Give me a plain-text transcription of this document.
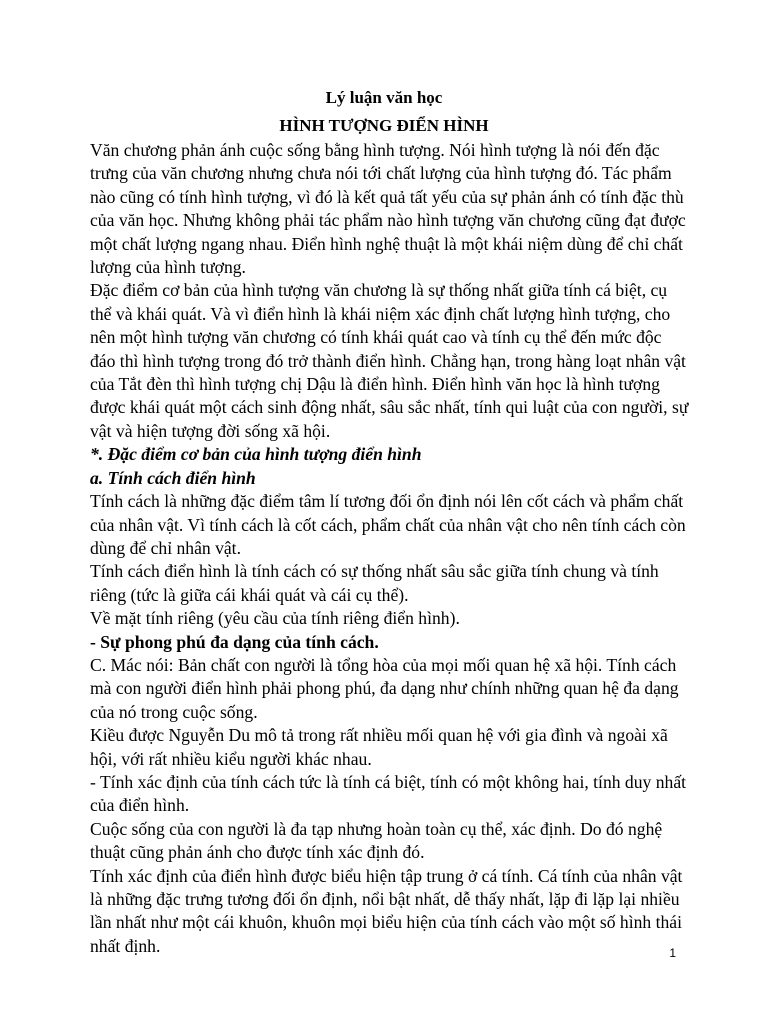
Lý luận văn học
HÌNH TƯỢNG ĐIỂN HÌNH

Văn chương phản ánh cuộc sống bằng hình tượng. Nói hình tượng là nói đến đặc trưng của văn chương nhưng chưa nói tới chất lượng của hình tượng đó. Tác phẩm nào cũng có tính hình tượng, vì đó là kết quả tất yếu của sự phản ánh có tính đặc thù của văn học. Nhưng không phải tác phẩm nào hình tượng văn chương cũng đạt được một chất lượng ngang nhau. Điển hình nghệ thuật là một khái niệm dùng để chỉ chất lượng của hình tượng.

Đặc điểm cơ bản của hình tượng văn chương là sự thống nhất giữa tính cá biệt, cụ thể và khái quát. Và vì điển hình là khái niệm xác định chất lượng hình tượng, cho nên một hình tượng văn chương có tính khái quát cao và tính cụ thể đến mức độc đáo thì hình tượng trong đó trở thành điển hình. Chẳng hạn, trong hàng loạt nhân vật của Tắt đèn thì hình tượng chị Dậu là điển hình. Điển hình văn học là hình tượng được khái quát một cách sinh động nhất, sâu sắc nhất, tính qui luật của con người, sự vật và hiện tượng đời sống xã hội.

*. Đặc điểm cơ bản của hình tượng điển hình

a. Tính cách điển hình

Tính cách là những đặc điểm tâm lí tương đối ổn định nói lên cốt cách và phẩm chất của nhân vật. Vì tính cách là cốt cách, phẩm chất của nhân vật cho nên tính cách còn dùng để chỉ nhân vật.

Tính cách điển hình là tính cách có sự thống nhất sâu sắc giữa tính chung và tính riêng (tức là giữa cái khái quát và cái cụ thể).

Về mặt tính riêng (yêu cầu của tính riêng điển hình).

- Sự phong phú đa dạng của tính cách.

C. Mác nói: Bản chất con người là tổng hòa của mọi mối quan hệ xã hội. Tính cách mà con người điển hình phải phong phú, đa dạng như chính những quan hệ đa dạng của nó trong cuộc sống.

Kiều được Nguyễn Du mô tả trong rất nhiều mối quan hệ với gia đình và ngoài xã hội, với rất nhiều kiểu người khác nhau.

- Tính xác định của tính cách tức là tính cá biệt, tính có một không hai, tính duy nhất của điển hình.

Cuộc sống của con người là đa tạp nhưng hoàn toàn cụ thể, xác định. Do đó nghệ thuật cũng phản ánh cho được tính xác định đó.

Tính xác định của điển hình được biểu hiện tập trung ở cá tính. Cá tính của nhân vật là những đặc trưng tương đối ổn định, nổi bật nhất, dễ thấy nhất, lặp đi lặp lại nhiều lần nhất như một cái khuôn, khuôn mọi biểu hiện của tính cách vào một số hình thái nhất định.	1
